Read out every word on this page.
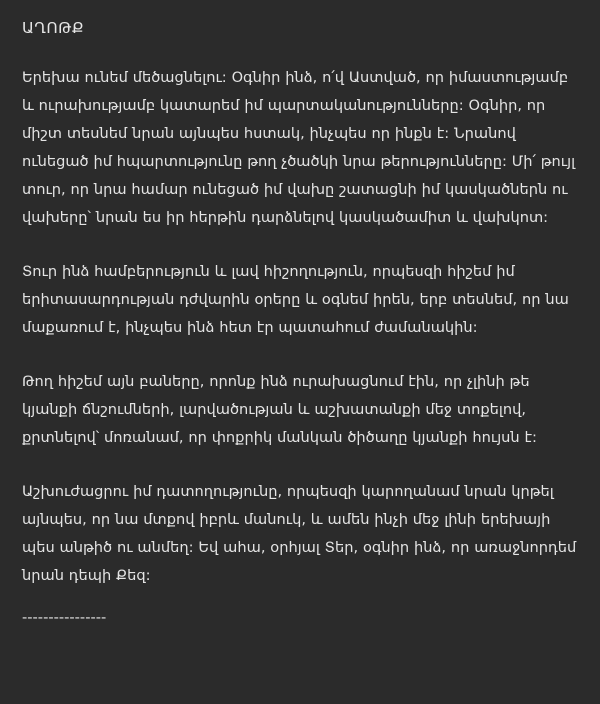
ԱՂՈԹՔ

Երեխա ունեմ մեծացնելու: Օգնիր ինձ, ո՛վ Աստված, որ իմաստությամբ և ուրախությամբ կատարեմ իմ պարտականությունները: Օգնիր, որ միշտ տեսնեմ նրան այնպես հստակ, ինչպես որ ինքն է: Նրանով ունեցած իմ հպարտությունը թող չծածկի նրա թերությունները: Մի՛ թույլ տուր, որ նրա համար ունեցած իմ վախը շատացնի իմ կասկածներն ու վախերը՝ նրան ես իր հերթին դարձնելով կասկածամիտ և վախկոտ:

Տուր ինձ համբերություն և լավ հիշողություն, որպեսզի հիշեմ իմ երիտասարդության դժվարին օրերը և օգնեմ իրեն, երբ տեսնեմ, որ նա մաքառում է, ինչպես ինձ հետ էր պատահում ժամանակին:

Թող հիշեմ այն բաները, որոնք ինձ ուրախացնում էին, որ չլինի թե կյանքի ճնշումների, լարվածության և աշխատանքի մեջ տոքելով, քրտնելով՝ մոռանամ, որ փոքրիկ մանկան ծիծաղը կյանքի հույսն է:

Աշխուժացրու իմ դատողությունը, որպեսզի կարողանամ նրան կրթել այնպես, որ նա մտքով իբրև մանուկ, և ամեն ինչի մեջ լինի երեխայի պես անթիծ ու անմեղ: Եվ ահա, օրհյալ Տեր, օգնիր ինձ, որ առաջնորդեմ նրան դեպի Քեզ:

----------------
